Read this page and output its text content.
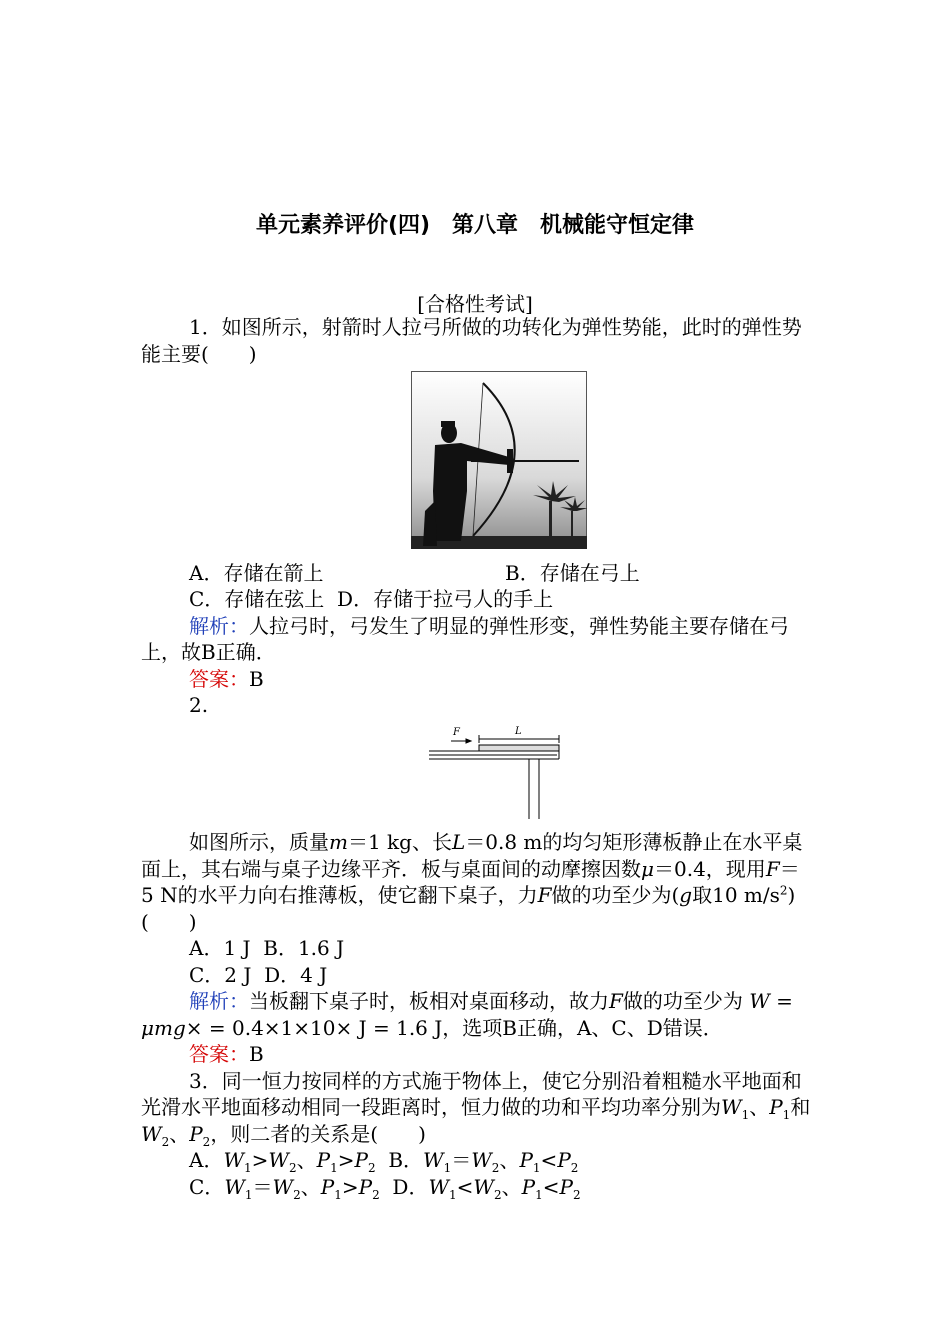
单元素养评价(四)　第八章　机械能守恒定律
[合格性考试]

1．如图所示，射箭时人拉弓所做的功转化为弹性势能，此时的弹性势能主要(　　)

A．存储在箭上	B．存储在弓上
C．存储在弦上 D．存储于拉弓人的手上

解析：人拉弓时，弓发生了明显的弹性形变，弹性势能主要存储在弓上，故B正确．

答案：B

2.

F	L

如图所示，质量m＝1 kg、长L＝0.8 m的均匀矩形薄板静止在水平桌面上，其右端与桌子边缘平齐．板与桌面间的动摩擦因数μ＝0.4，现用F＝5 N的水平力向右推薄板，使它翻下桌子，力F做的功至少为(g取10 $m/s^2$)(　　)

A．1 J  B．1.6 J
C．2 J  D．4 J

解析：当板翻下桌子时，板相对桌面移动，故力F做的功至少为 W = μmg× = 0.4×1×10× J = 1.6 J，选项B正确，A、C、D错误．

答案：B

3．同一恒力按同样的方式施于物体上，使它分别沿着粗糙水平地面和光滑水平地面移动相同一段距离时，恒力做的功和平均功率分别为$W_1$、$P_1$和$W_2$、$P_2$，则二者的关系是(　　)

A．$W_1>W_2$、$P_1>P_2$  B．$W_1=W_2$、$P_1<P_2$
C．$W_1=W_2$、$P_1>P_2$  D．$W_1<W_2$、$P_1<P_2$
